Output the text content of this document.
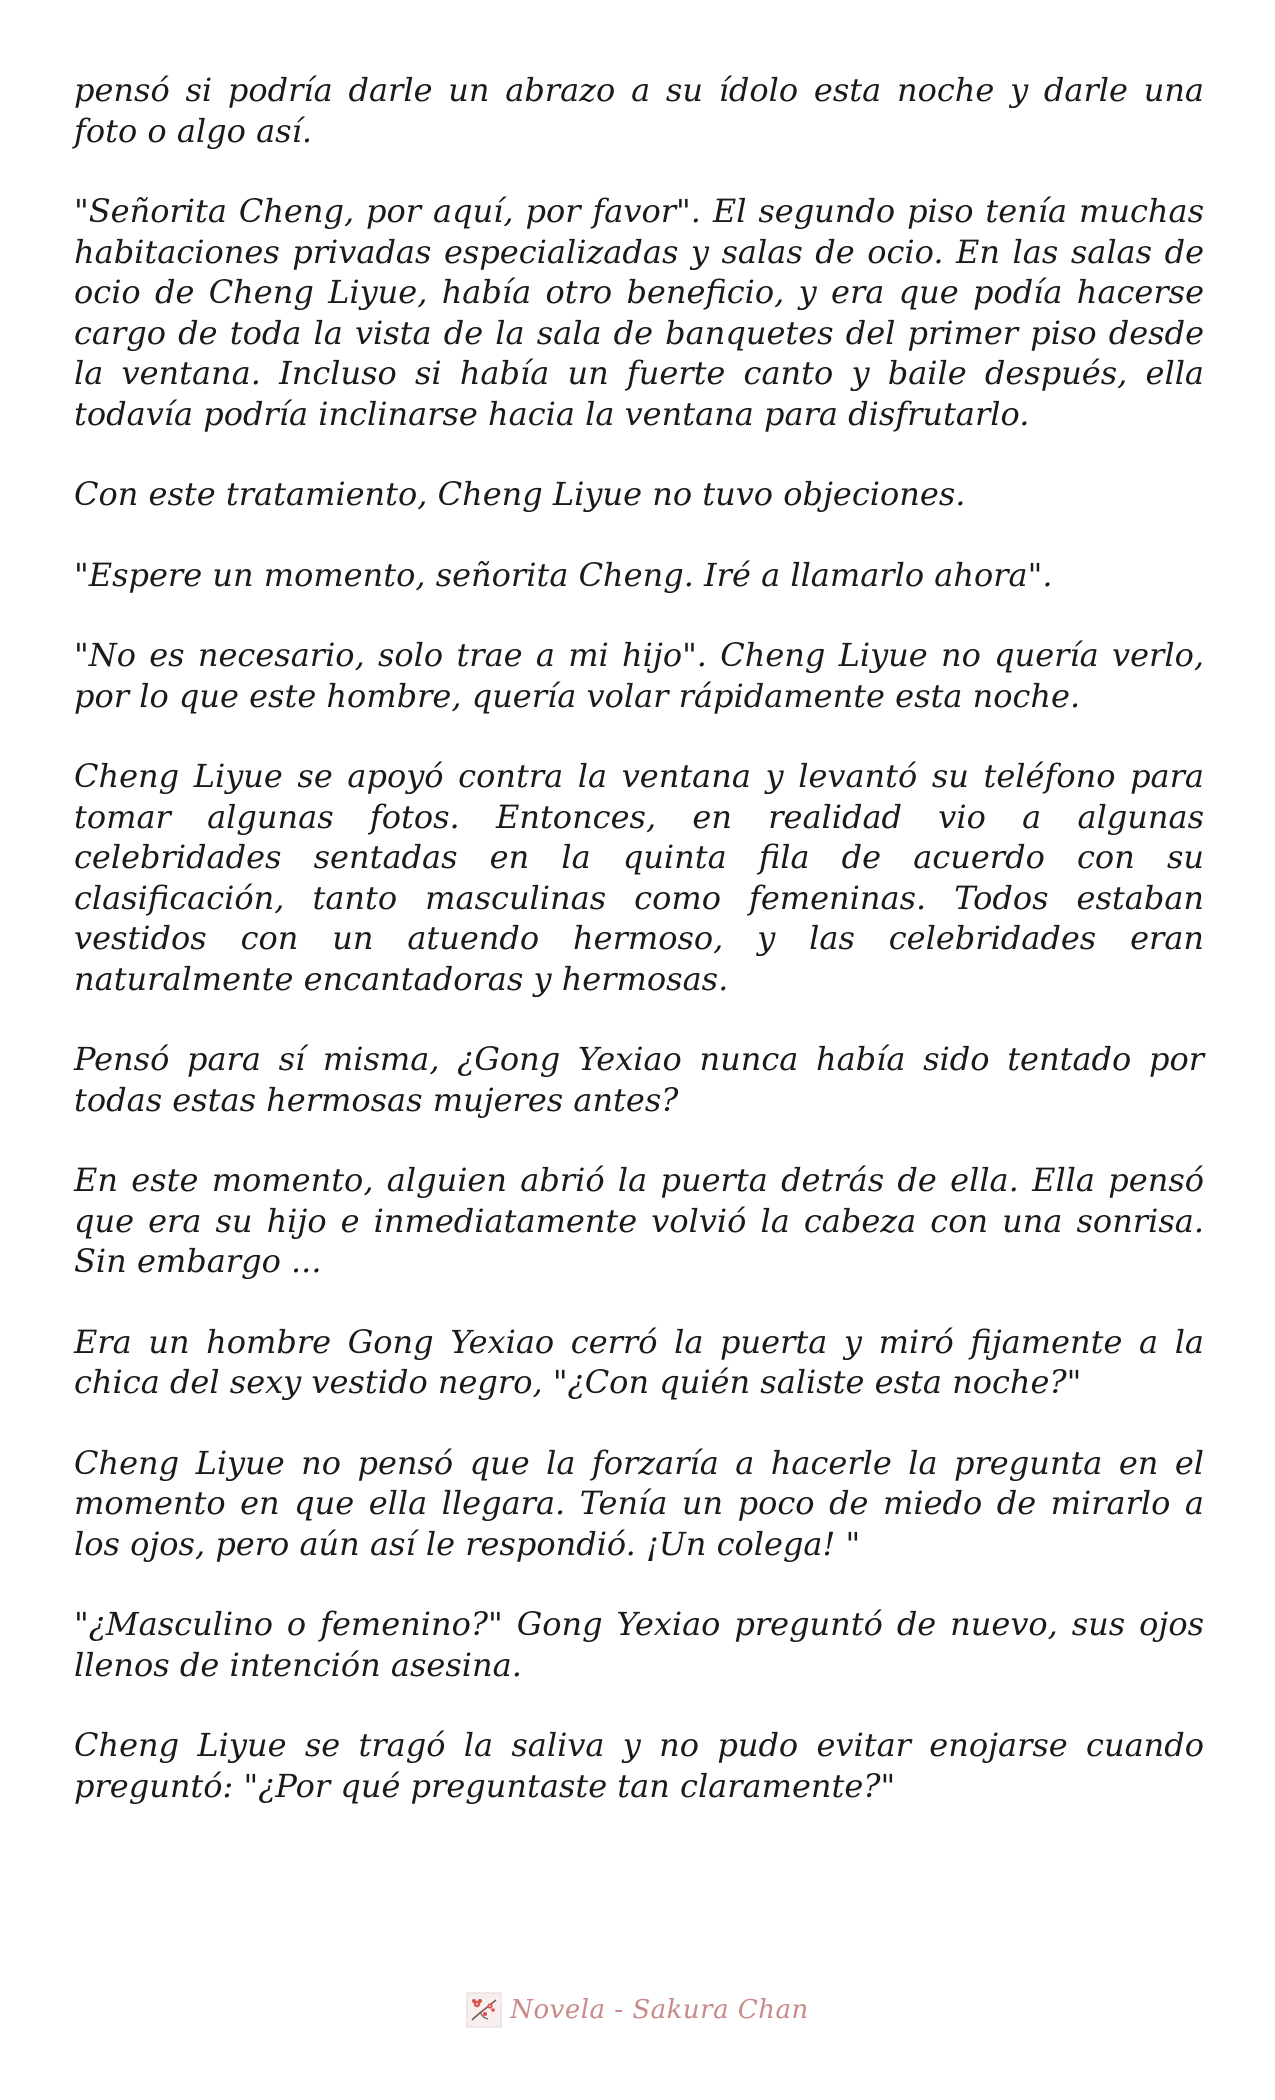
pensó si podría darle un abrazo a su ídolo esta noche y darle una foto o algo así.

"Señorita Cheng, por aquí, por favor". El segundo piso tenía muchas habitaciones privadas especializadas y salas de ocio. En las salas de ocio de Cheng Liyue, había otro beneficio, y era que podía hacerse cargo de toda la vista de la sala de banquetes del primer piso desde la ventana. Incluso si había un fuerte canto y baile después, ella todavía podría inclinarse hacia la ventana para disfrutarlo.

Con este tratamiento, Cheng Liyue no tuvo objeciones.

"Espere un momento, señorita Cheng. Iré a llamarlo ahora".

"No es necesario, solo trae a mi hijo". Cheng Liyue no quería verlo, por lo que este hombre, quería volar rápidamente esta noche.

Cheng Liyue se apoyó contra la ventana y levantó su teléfono para tomar algunas fotos. Entonces, en realidad vio a algunas celebridades sentadas en la quinta fila de acuerdo con su clasificación, tanto masculinas como femeninas. Todos estaban vestidos con un atuendo hermoso, y las celebridades eran naturalmente encantadoras y hermosas.

Pensó para sí misma, ¿Gong Yexiao nunca había sido tentado por todas estas hermosas mujeres antes?

En este momento, alguien abrió la puerta detrás de ella. Ella pensó que era su hijo e inmediatamente volvió la cabeza con una sonrisa. Sin embargo ...

Era un hombre Gong Yexiao cerró la puerta y miró fijamente a la chica del sexy vestido negro, "¿Con quién saliste esta noche?"

Cheng Liyue no pensó que la forzaría a hacerle la pregunta en el momento en que ella llegara. Tenía un poco de miedo de mirarlo a los ojos, pero aún así le respondió. ¡Un colega! "

"¿Masculino o femenino?" Gong Yexiao preguntó de nuevo, sus ojos llenos de intención asesina.

Cheng Liyue se tragó la saliva y no pudo evitar enojarse cuando preguntó: "¿Por qué preguntaste tan claramente?"

Novela - Sakura Chan
